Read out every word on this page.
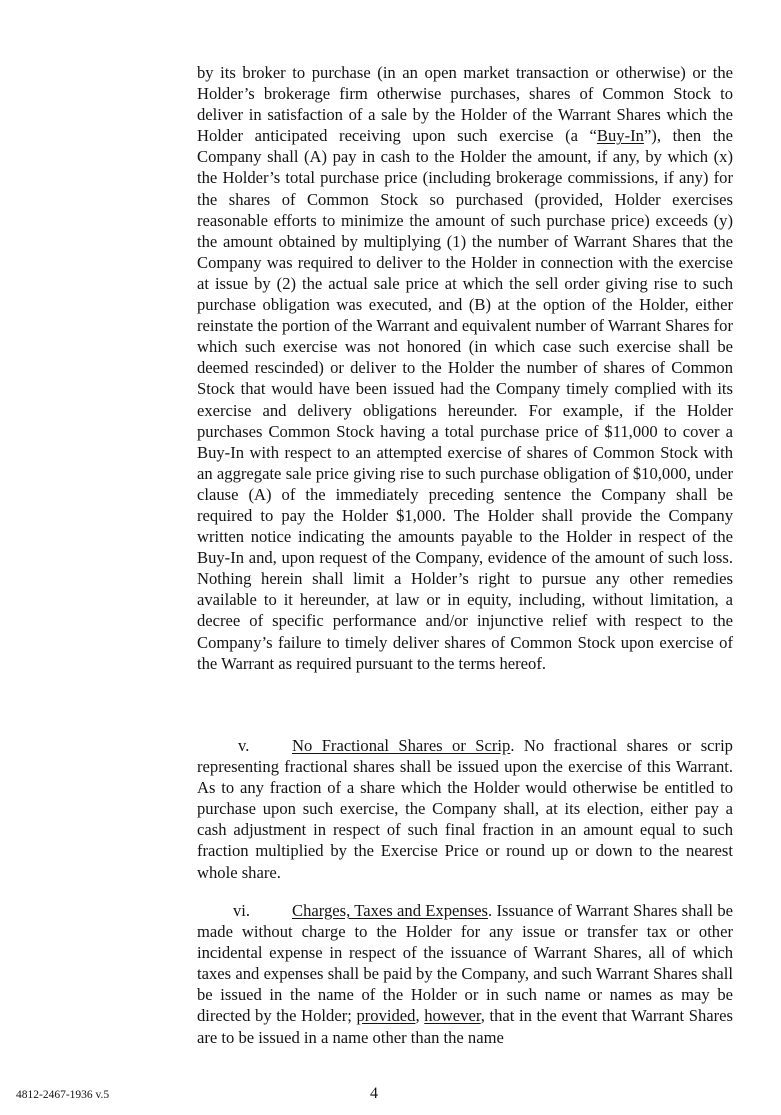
by its broker to purchase (in an open market transaction or otherwise) or the Holder’s brokerage firm otherwise purchases, shares of Common Stock to deliver in satisfaction of a sale by the Holder of the Warrant Shares which the Holder anticipated receiving upon such exercise (a “Buy-In”), then the Company shall (A) pay in cash to the Holder the amount, if any, by which (x) the Holder’s total purchase price (including brokerage commissions, if any) for the shares of Common Stock so purchased (provided, Holder exercises reasonable efforts to minimize the amount of such purchase price) exceeds (y) the amount obtained by multiplying (1) the number of Warrant Shares that the Company was required to deliver to the Holder in connection with the exercise at issue by (2) the actual sale price at which the sell order giving rise to such purchase obligation was executed, and (B) at the option of the Holder, either reinstate the portion of the Warrant and equivalent number of Warrant Shares for which such exercise was not honored (in which case such exercise shall be deemed rescinded) or deliver to the Holder the number of shares of Common Stock that would have been issued had the Company timely complied with its exercise and delivery obligations hereunder. For example, if the Holder purchases Common Stock having a total purchase price of $11,000 to cover a Buy-In with respect to an attempted exercise of shares of Common Stock with an aggregate sale price giving rise to such purchase obligation of $10,000, under clause (A) of the immediately preceding sentence the Company shall be required to pay the Holder $1,000. The Holder shall provide the Company written notice indicating the amounts payable to the Holder in respect of the Buy-In and, upon request of the Company, evidence of the amount of such loss. Nothing herein shall limit a Holder’s right to pursue any other remedies available to it hereunder, at law or in equity, including, without limitation, a decree of specific performance and/or injunctive relief with respect to the Company’s failure to timely deliver shares of Common Stock upon exercise of the Warrant as required pursuant to the terms hereof.

v.	No Fractional Shares or Scrip. No fractional shares or scrip representing fractional shares shall be issued upon the exercise of this Warrant. As to any fraction of a share which the Holder would otherwise be entitled to purchase upon such exercise, the Company shall, at its election, either pay a cash adjustment in respect of such final fraction in an amount equal to such fraction multiplied by the Exercise Price or round up or down to the nearest whole share.

vi.	Charges, Taxes and Expenses. Issuance of Warrant Shares shall be made without charge to the Holder for any issue or transfer tax or other incidental expense in respect of the issuance of Warrant Shares, all of which taxes and expenses shall be paid by the Company, and such Warrant Shares shall be issued in the name of the Holder or in such name or names as may be directed by the Holder; provided, however, that in the event that Warrant Shares are to be issued in a name other than the name

4812-2467-1936 v.5	4
